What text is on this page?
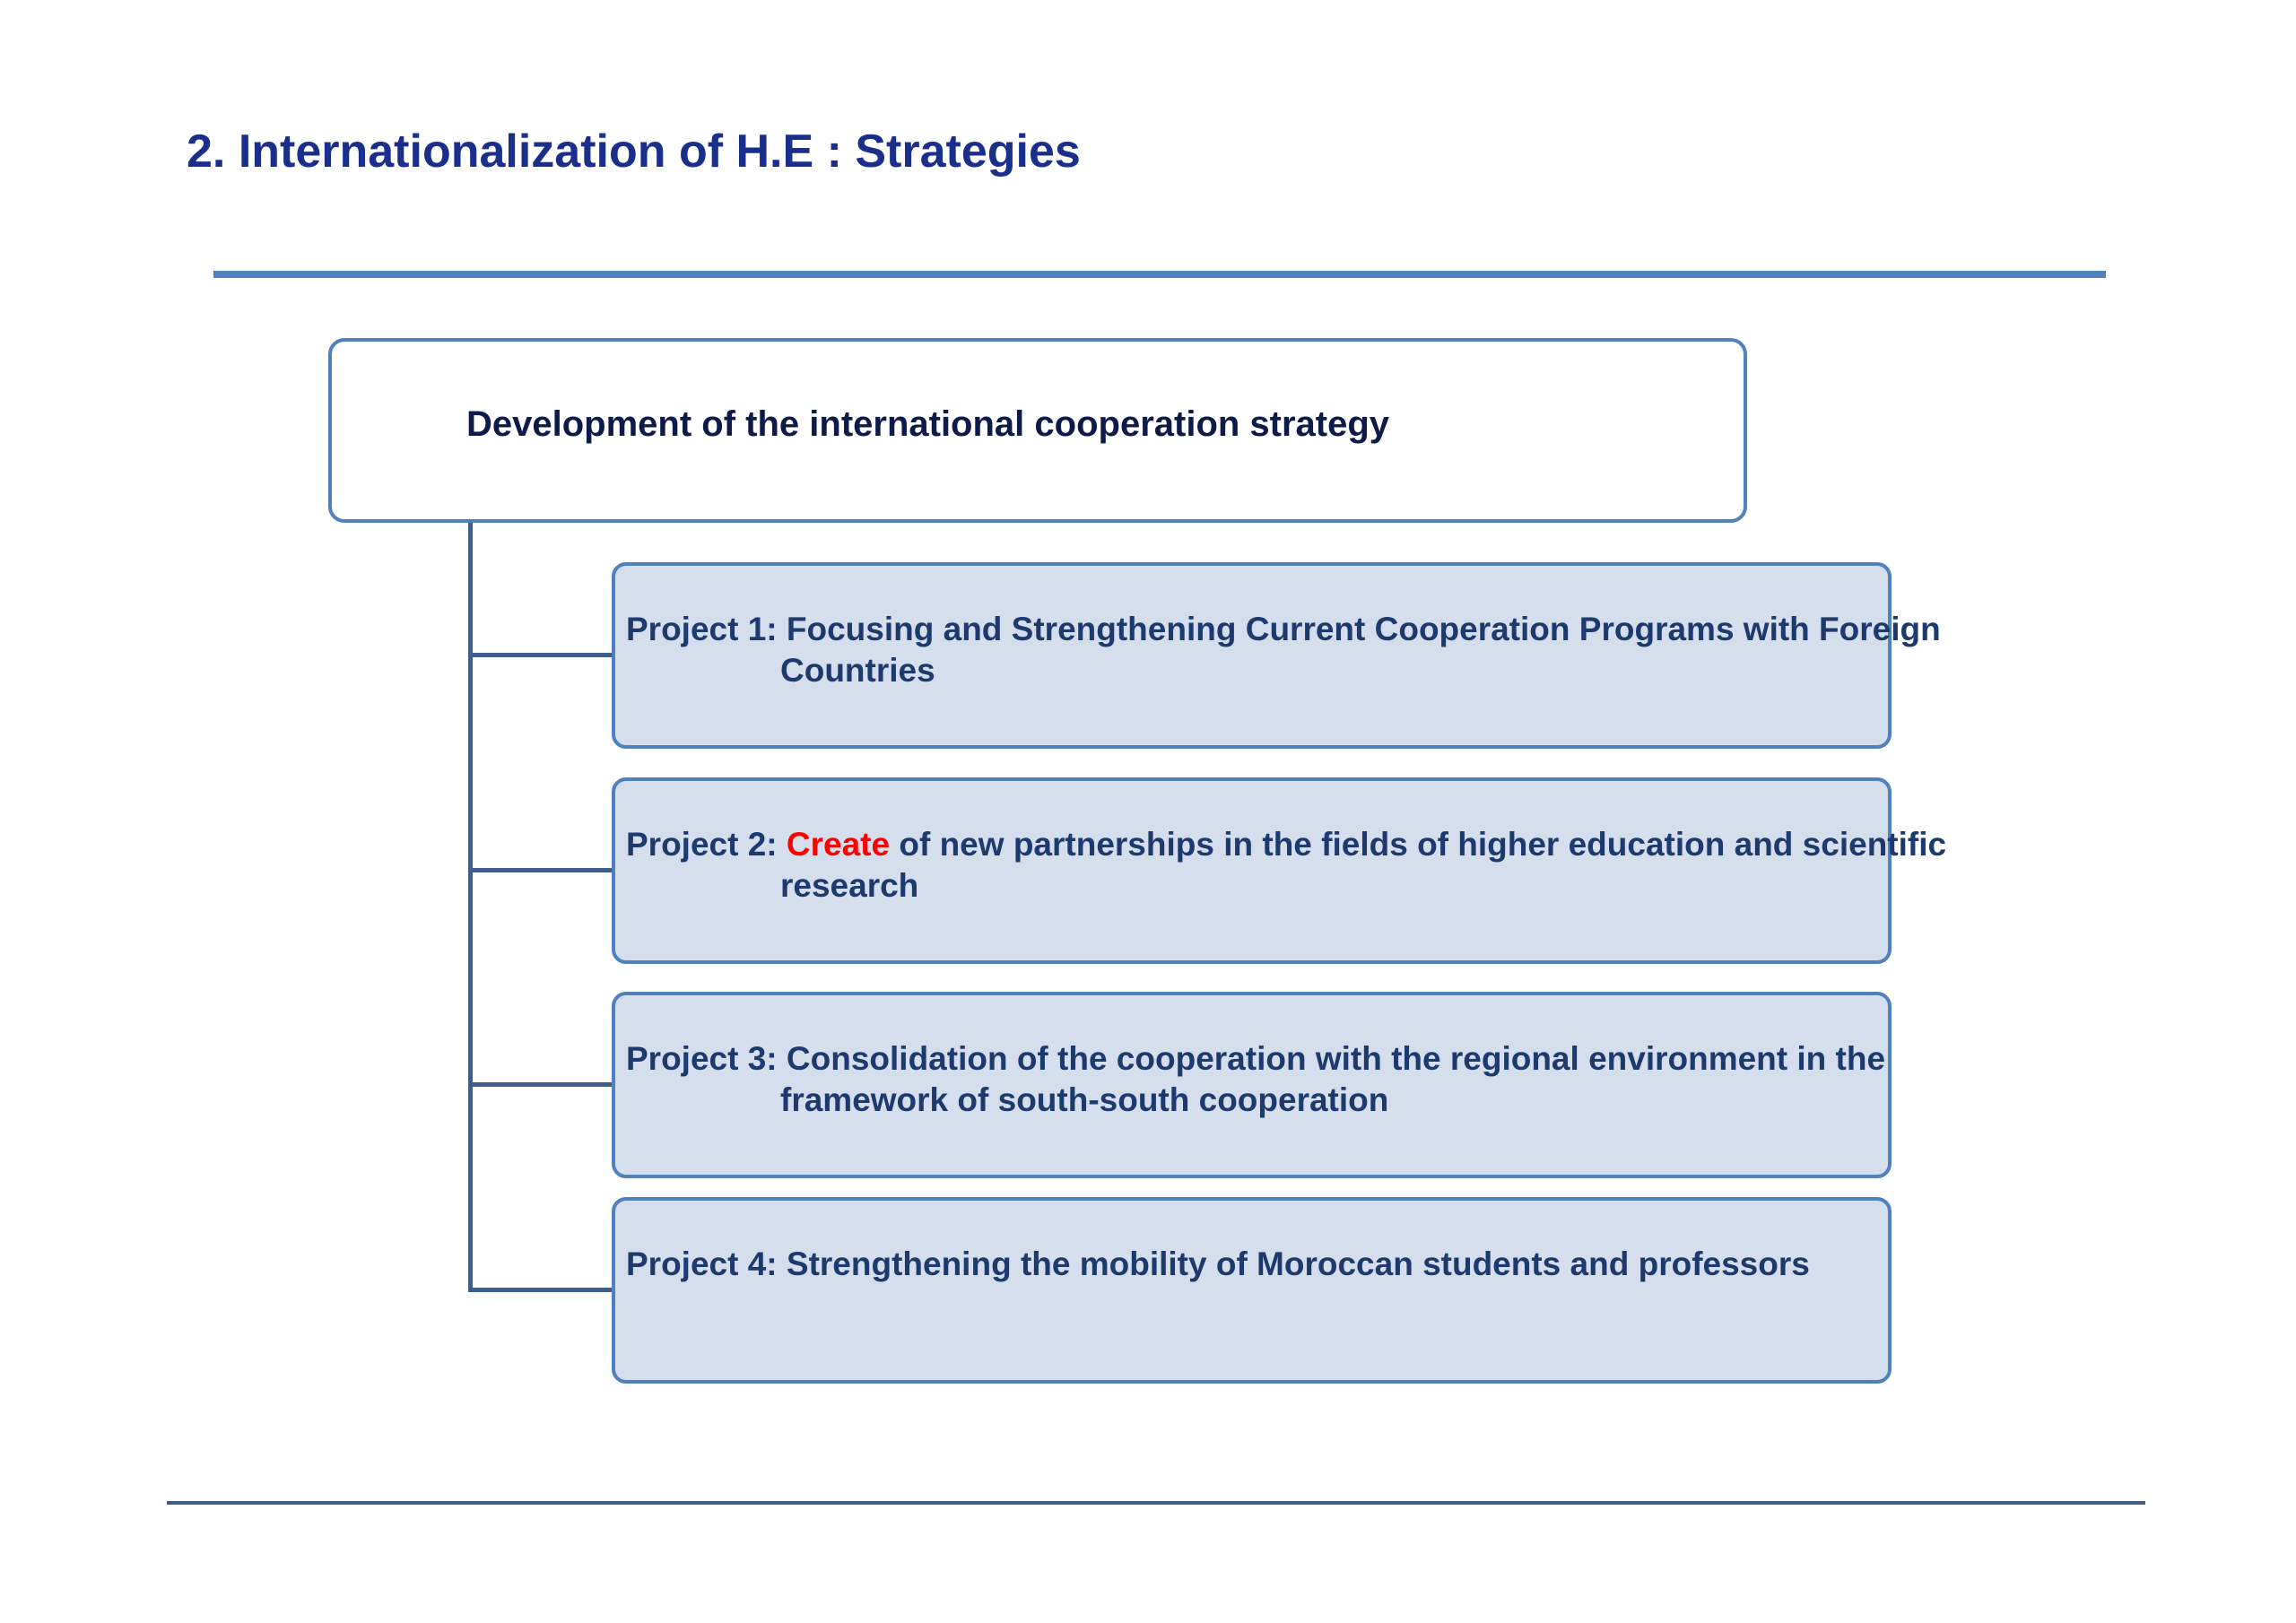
2. Internationalization of H.E : Strategies
Development of the international cooperation strategy
Project 1: Focusing and Strengthening Current Cooperation Programs with Foreign Countries
Project 2: Create of new partnerships in the fields of higher education and scientific research
Project 3: Consolidation of the cooperation with the regional environment in the framework of south-south cooperation
Project 4: Strengthening the mobility of Moroccan students and professors
